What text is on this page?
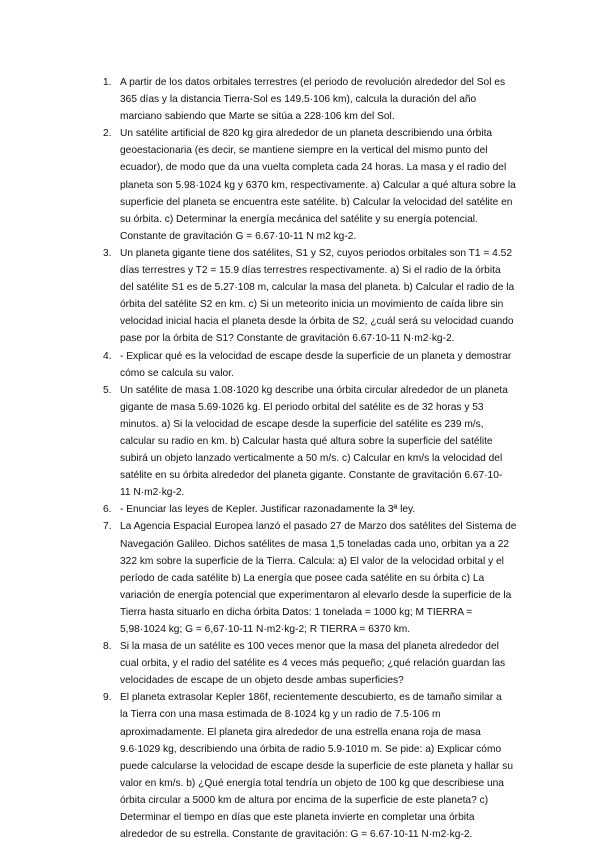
1. A partir de los datos orbitales terrestres (el periodo de revolución alrededor del Sol es
365 días y la distancia Tierra-Sol es 149.5·106 km), calcula la duración del año
marciano sabiendo que Marte se sitúa a 228·106 km del Sol.
2. Un satélite artificial de 820 kg gira alrededor de un planeta describiendo una órbita
geoestacionaria (es decir, se mantiene siempre en la vertical del mismo punto del
ecuador), de modo que da una vuelta completa cada 24 horas. La masa y el radio del
planeta son 5.98·1024 kg y 6370 km, respectivamente. a) Calcular a qué altura sobre la
superficie del planeta se encuentra este satélite. b) Calcular la velocidad del satélite en
su órbita. c) Determinar la energía mecánica del satélite y su energía potencial.
Constante de gravitación G = 6.67·10-11 N m2 kg-2.
3. Un planeta gigante tiene dos satélites, S1 y S2, cuyos periodos orbitales son T1 = 4.52
días terrestres y T2 = 15.9 días terrestres respectivamente. a) Si el radio de la órbita
del satélite S1 es de 5.27·108 m, calcular la masa del planeta. b) Calcular el radio de la
órbita del satélite S2 en km. c) Si un meteorito inicia un movimiento de caída libre sin
velocidad inicial hacia el planeta desde la órbita de S2, ¿cuál será su velocidad cuando
pase por la órbita de S1? Constante de gravitación 6.67·10-11 N·m2·kg-2.
4. - Explicar qué es la velocidad de escape desde la superficie de un planeta y demostrar
cómo se calcula su valor.
5. Un satélite de masa 1.08·1020 kg describe una órbita circular alrededor de un planeta
gigante de masa 5.69·1026 kg. El periodo orbital del satélite es de 32 horas y 53
minutos. a) Si la velocidad de escape desde la superficie del satélite es 239 m/s,
calcular su radio en km. b) Calcular hasta qué altura sobre la superficie del satélite
subirá un objeto lanzado verticalmente a 50 m/s. c) Calcular en km/s la velocidad del
satélite en su órbita alrededor del planeta gigante. Constante de gravitación 6.67·10-
11 N·m2·kg-2.
6. - Enunciar las leyes de Kepler. Justificar razonadamente la 3ª ley.
7. La Agencia Espacial Europea lanzó el pasado 27 de Marzo dos satélites del Sistema de
Navegación Galileo. Dichos satélites de masa 1,5 toneladas cada uno, orbitan ya a 22
322 km sobre la superficie de la Tierra. Calcula: a) El valor de la velocidad orbital y el
período de cada satélite b) La energía que posee cada satélite en su órbita c) La
variación de energía potencial que experimentaron al elevarlo desde la superficie de la
Tierra hasta situarlo en dicha órbita Datos: 1 tonelada = 1000 kg; M TIERRA =
5,98·1024 kg; G = 6,67·10-11 N·m2·kg-2; R TIERRA = 6370 km.
8. Si la masa de un satélite es 100 veces menor que la masa del planeta alrededor del
cual orbita, y el radio del satélite es 4 veces más pequeño; ¿qué relación guardan las
velocidades de escape de un objeto desde ambas superficies?
9. El planeta extrasolar Kepler 186f, recientemente descubierto, es de tamaño similar a
la Tierra con una masa estimada de 8·1024 kg y un radio de 7.5·106 m
aproximadamente. El planeta gira alrededor de una estrella enana roja de masa
9.6·1029 kg, describiendo una órbita de radio 5.9·1010 m. Se pide: a) Explicar cómo
puede calcularse la velocidad de escape desde la superficie de este planeta y hallar su
valor en km/s. b) ¿Qué energía total tendría un objeto de 100 kg que describiese una
órbita circular a 5000 km de altura por encima de la superficie de este planeta? c)
Determinar el tiempo en días que este planeta invierte en completar una órbita
alrededor de su estrella. Constante de gravitación: G = 6.67·10-11 N·m2·kg-2.
